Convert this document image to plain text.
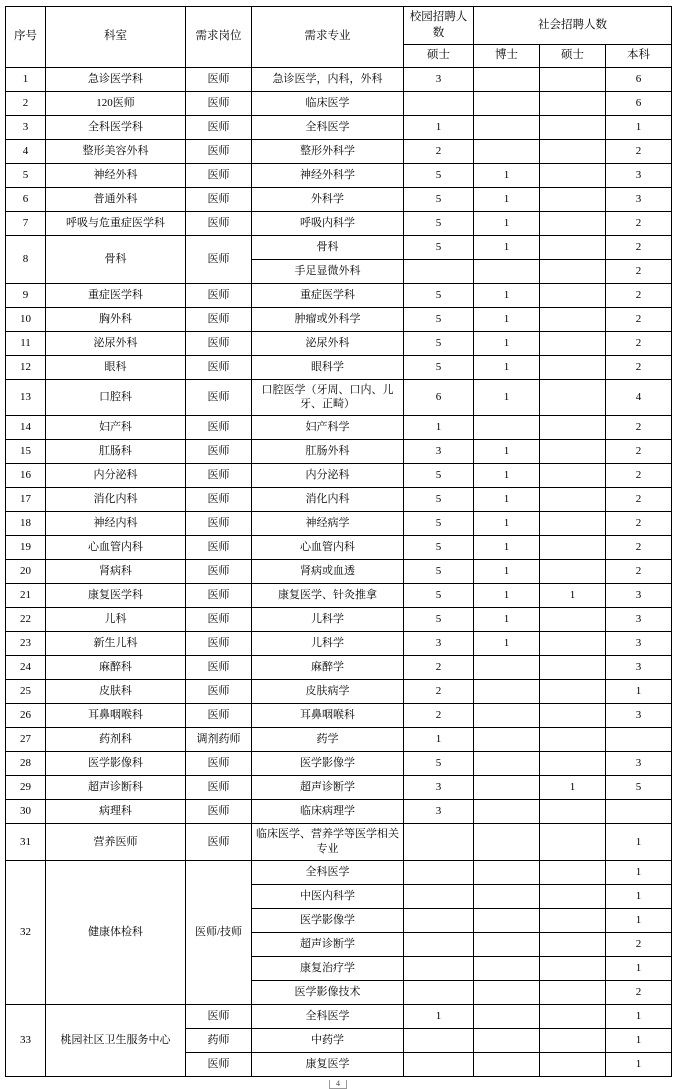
序号	科室	需求岗位	需求专业	校园招聘人数	社会招聘人数		
				硕士	博士	硕士	本科
1	急诊医学科	医师	急诊医学，内科，外科	3			6
2	120医师	医师	临床医学				6
3	全科医学科	医师	全科医学	1			1
4	整形美容外科	医师	整形外科学	2			2
5	神经外科	医师	神经外科学	5	1		3
6	普通外科	医师	外科学	5	1		3
7	呼吸与危重症医学科	医师	呼吸内科学	5	1		2
8	骨科	医师	骨科	5	1		2
			手足显微外科				2
9	重症医学科	医师	重症医学科	5	1		2
10	胸外科	医师	肿瘤或外科学	5	1		2
11	泌尿外科	医师	泌尿外科	5	1		2
12	眼科	医师	眼科学	5	1		2
13	口腔科	医师	口腔医学（牙周、口内、儿牙、正畸）	6	1		4
14	妇产科	医师	妇产科学	1			2
15	肛肠科	医师	肛肠外科	3	1		2
16	内分泌科	医师	内分泌科	5	1		2
17	消化内科	医师	消化内科	5	1		2
18	神经内科	医师	神经病学	5	1		2
19	心血管内科	医师	心血管内科	5	1		2
20	肾病科	医师	肾病或血透	5	1		2
21	康复医学科	医师	康复医学、针灸推拿	5	1	1	3
22	儿科	医师	儿科学	5	1		3
23	新生儿科	医师	儿科学	3	1		3
24	麻醉科	医师	麻醉学	2			3
25	皮肤科	医师	皮肤病学	2			1
26	耳鼻咽喉科	医师	耳鼻咽喉科	2			3
27	药剂科	调剂药师	药学	1			
28	医学影像科	医师	医学影像学	5			3
29	超声诊断科	医师	超声诊断学	3		1	5
30	病理科	医师	临床病理学	3			
31	营养医师	医师	临床医学、营养学等医学相关专业				1
32	健康体检科	医师/技师	全科医学				1
			中医内科学				1
			医学影像学				1
			超声诊断学				2
			康复治疗学				1
			医学影像技术				2
33	桃园社区卫生服务中心	医师	全科医学	1			1
		药师	中药学				1
		医师	康复医学				1
4
